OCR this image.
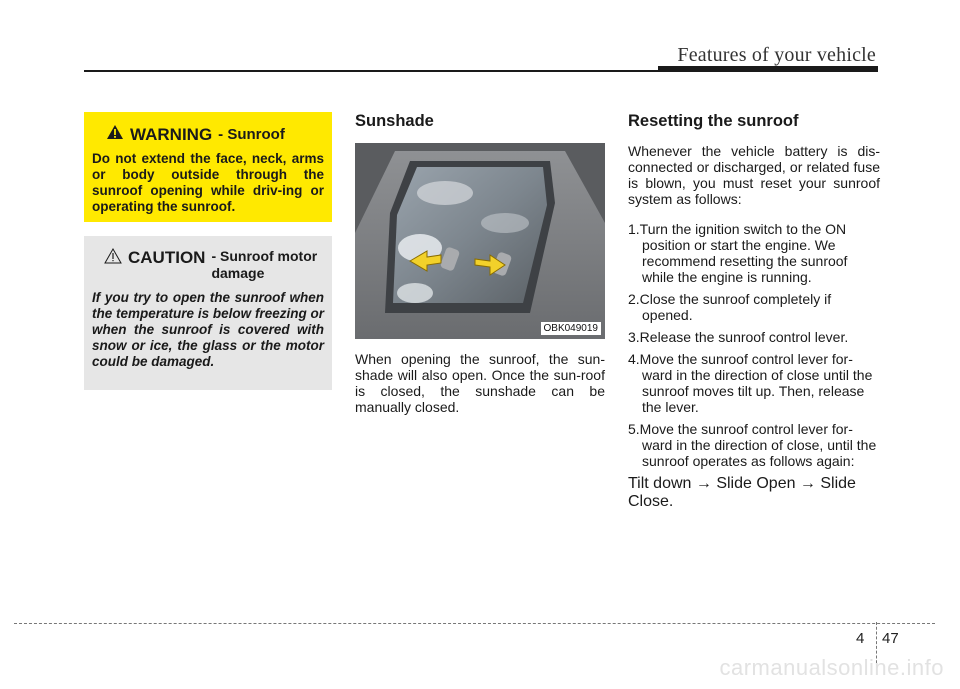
Features of your vehicle
WARNING - Sunroof
Do not extend the face, neck, arms or body outside through the sunroof opening while driv-ing or operating the sunroof.
CAUTION - Sunroof motor damage
If you try to open the sunroof when the temperature is below freezing or when the sunroof is covered with snow or ice, the glass or the motor could be damaged.
Sunshade
OBK049019
When opening the sunroof, the sun-shade will also open. Once the sun-roof is closed, the sunshade can be manually closed.
Resetting the sunroof
Whenever the vehicle battery is dis-connected or discharged, or related fuse is blown, you must reset your sunroof system as follows:
1.Turn the ignition switch to the ON position or start the engine. We recommend resetting the sunroof while the engine is running.
2.Close the sunroof completely if opened.
3.Release the sunroof control lever.
4.Move the sunroof control lever for-ward in the direction of close until the sunroof moves tilt up. Then, release the lever.
5.Move the sunroof control lever for-ward in the direction of close, until the sunroof operates as follows again:
Tilt down → Slide Open → Slide Close.
4 47
carmanualsonline.info
